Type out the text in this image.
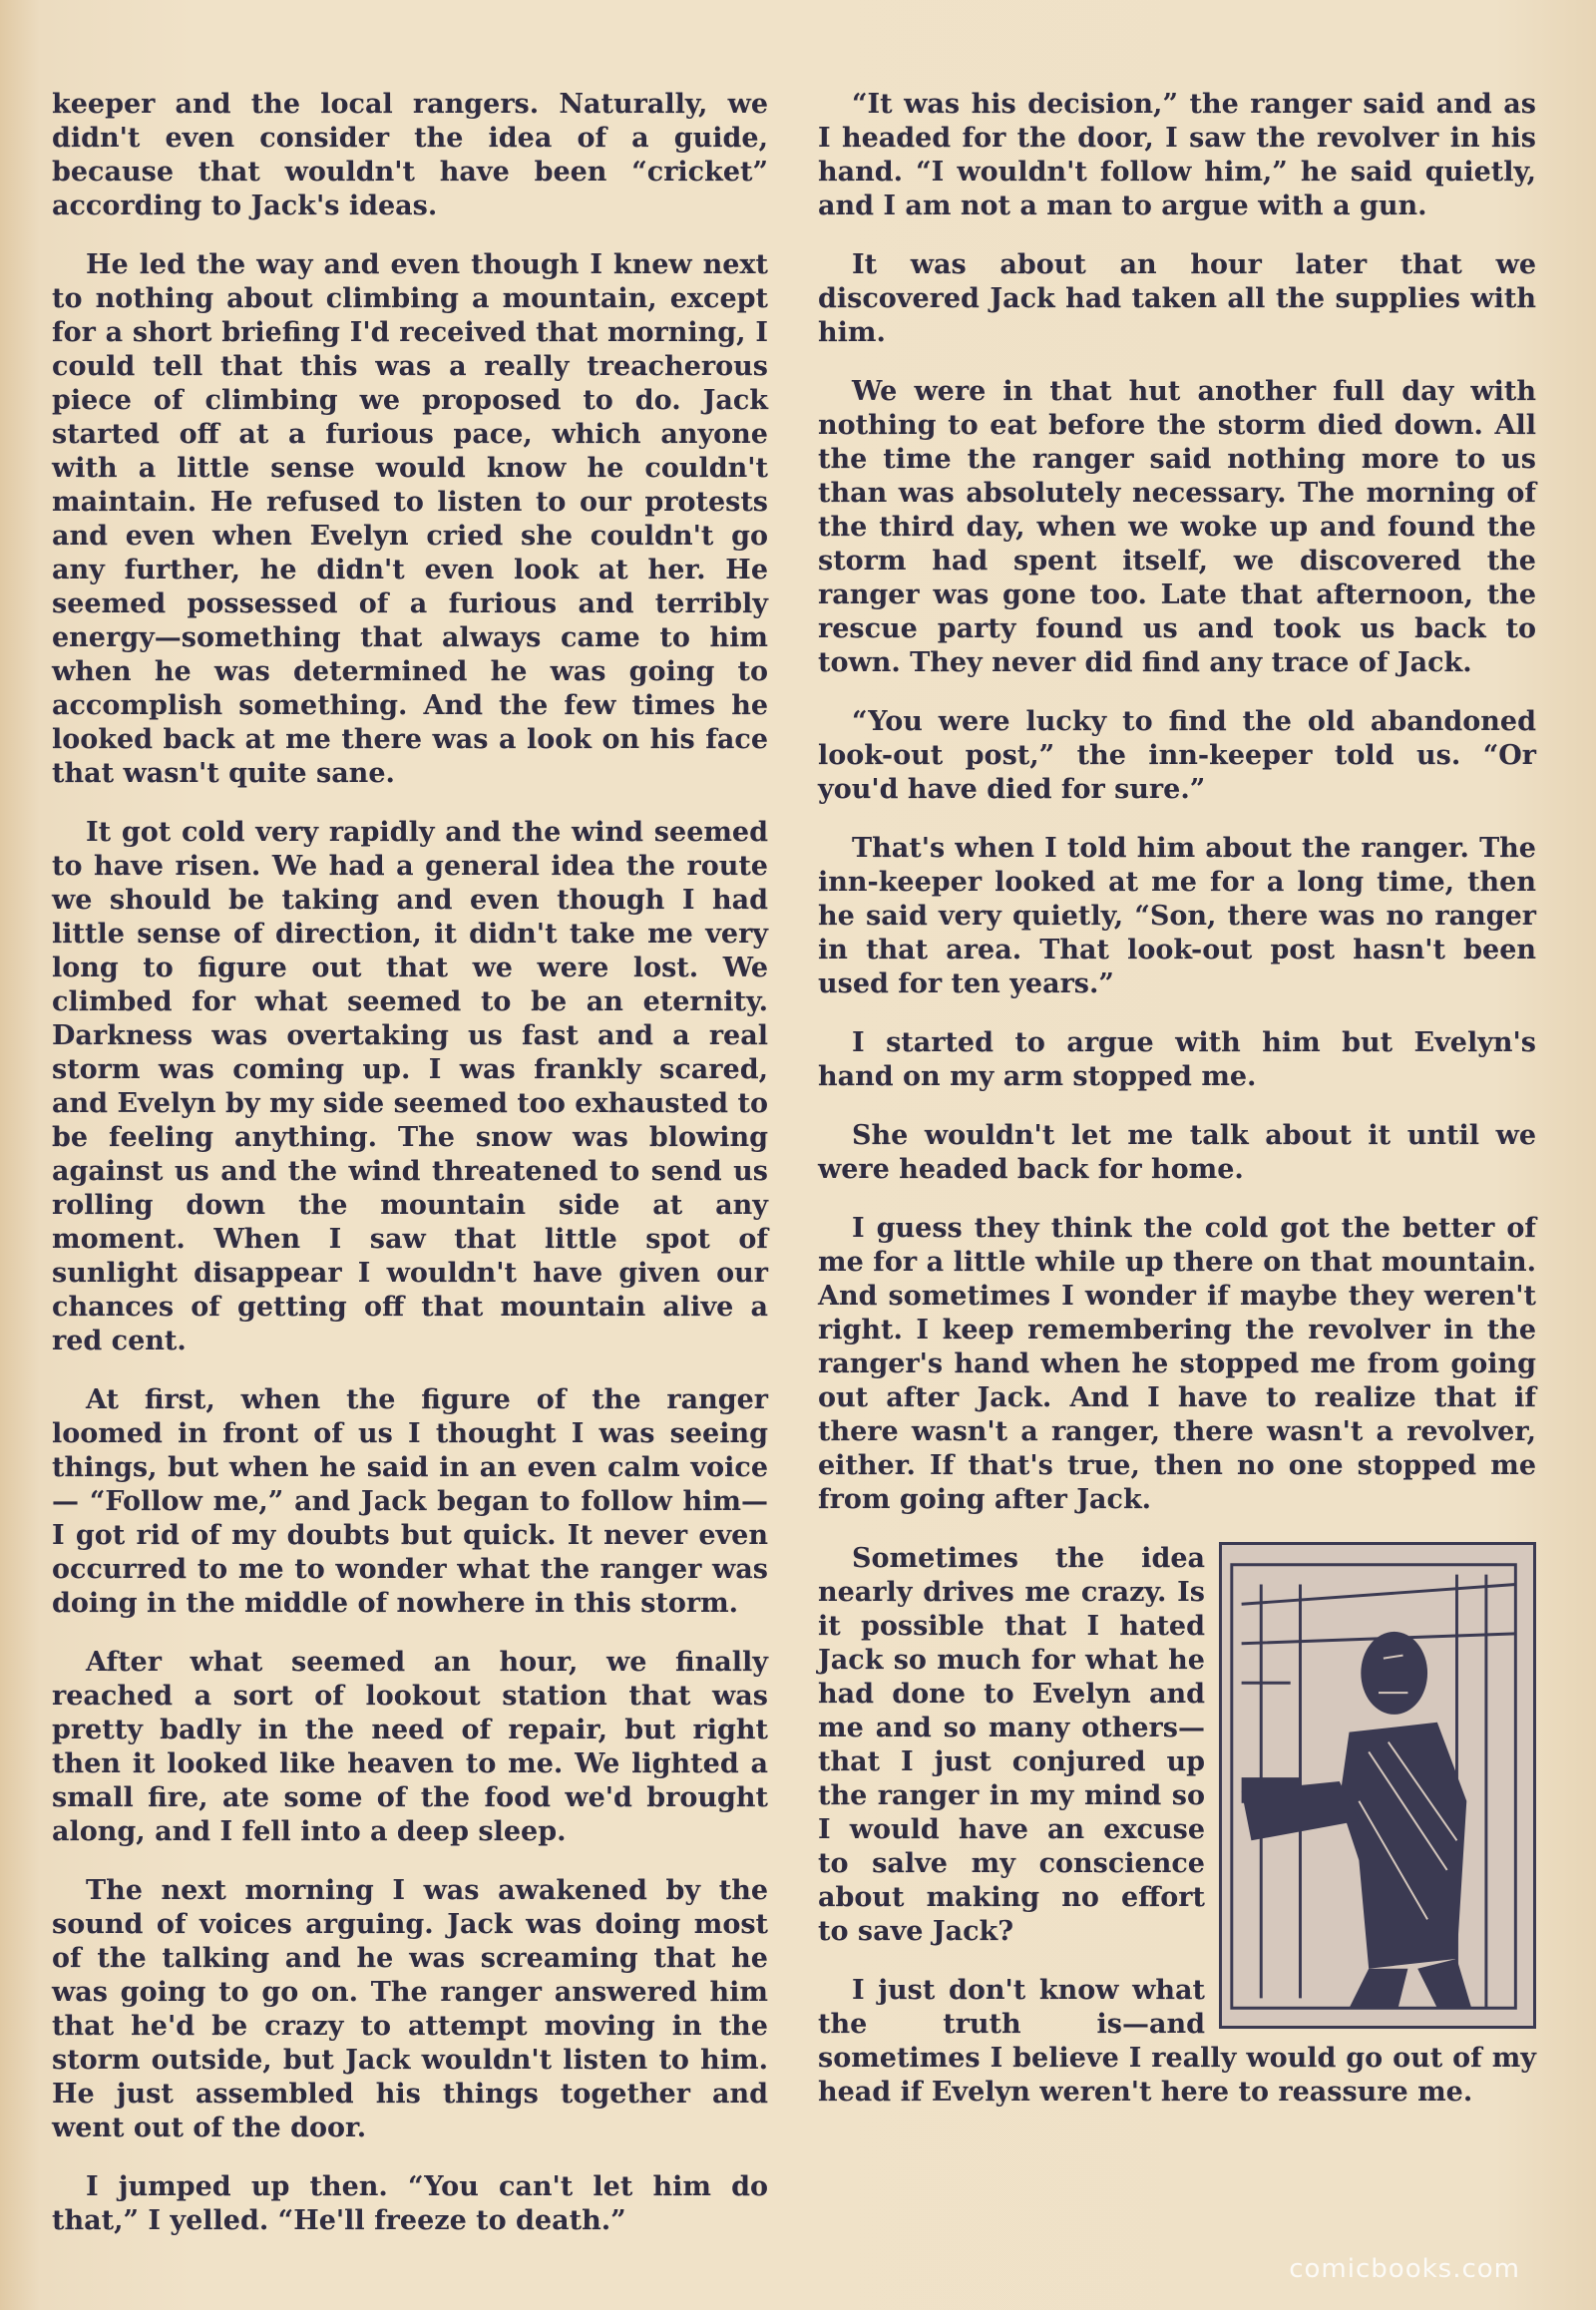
keeper and the local rangers. Naturally, we didn't even consider the idea of a guide, because that wouldn't have been “cricket” according to Jack's ideas.

He led the way and even though I knew next to nothing about climbing a mountain, except for a short briefing I'd received that morning, I could tell that this was a really treacherous piece of climbing we proposed to do. Jack started off at a furious pace, which anyone with a little sense would know he couldn't maintain. He refused to listen to our protests and even when Evelyn cried she couldn't go any further, he didn't even look at her. He seemed possessed of a furious and terribly energy—something that always came to him when he was determined he was going to accomplish something. And the few times he looked back at me there was a look on his face that wasn't quite sane.

It got cold very rapidly and the wind seemed to have risen. We had a general idea the route we should be taking and even though I had little sense of direction, it didn't take me very long to figure out that we were lost. We climbed for what seemed to be an eternity. Darkness was overtaking us fast and a real storm was coming up. I was frankly scared, and Evelyn by my side seemed too exhausted to be feeling anything. The snow was blowing against us and the wind threatened to send us rolling down the mountain side at any moment. When I saw that little spot of sunlight disappear I wouldn't have given our chances of getting off that mountain alive a red cent.

At first, when the figure of the ranger loomed in front of us I thought I was seeing things, but when he said in an even calm voice— “Follow me,” and Jack began to follow him—I got rid of my doubts but quick. It never even occurred to me to wonder what the ranger was doing in the middle of nowhere in this storm.

After what seemed an hour, we finally reached a sort of lookout station that was pretty badly in the need of repair, but right then it looked like heaven to me. We lighted a small fire, ate some of the food we'd brought along, and I fell into a deep sleep.

The next morning I was awakened by the sound of voices arguing. Jack was doing most of the talking and he was screaming that he was going to go on. The ranger answered him that he'd be crazy to attempt moving in the storm outside, but Jack wouldn't listen to him. He just assembled his things together and went out of the door.

I jumped up then. “You can't let him do that,” I yelled. “He'll freeze to death.”

“It was his decision,” the ranger said and as I headed for the door, I saw the revolver in his hand. “I wouldn't follow him,” he said quietly, and I am not a man to argue with a gun.

It was about an hour later that we discovered Jack had taken all the supplies with him.

We were in that hut another full day with nothing to eat before the storm died down. All the time the ranger said nothing more to us than was absolutely necessary. The morning of the third day, when we woke up and found the storm had spent itself, we discovered the ranger was gone too. Late that afternoon, the rescue party found us and took us back to town. They never did find any trace of Jack.

“You were lucky to find the old abandoned look-out post,” the inn-keeper told us. “Or you'd have died for sure.”

That's when I told him about the ranger. The inn-keeper looked at me for a long time, then he said very quietly, “Son, there was no ranger in that area. That look-out post hasn't been used for ten years.”

I started to argue with him but Evelyn's hand on my arm stopped me.

She wouldn't let me talk about it until we were headed back for home.

I guess they think the cold got the better of me for a little while up there on that mountain. And sometimes I wonder if maybe they weren't right. I keep remembering the revolver in the ranger's hand when he stopped me from going out after Jack. And I have to realize that if there wasn't a ranger, there wasn't a revolver, either. If that's true, then no one stopped me from going after Jack.

Sometimes the idea nearly drives me crazy. Is it possible that I hated Jack so much for what he had done to Evelyn and me and so many others—that I just conjured up the ranger in my mind so I would have an excuse to salve my conscience about making no effort to save Jack?

I just don't know what the truth is—and sometimes I believe I really would go out of my head if Evelyn weren't here to reassure me.

comicbooks.com
